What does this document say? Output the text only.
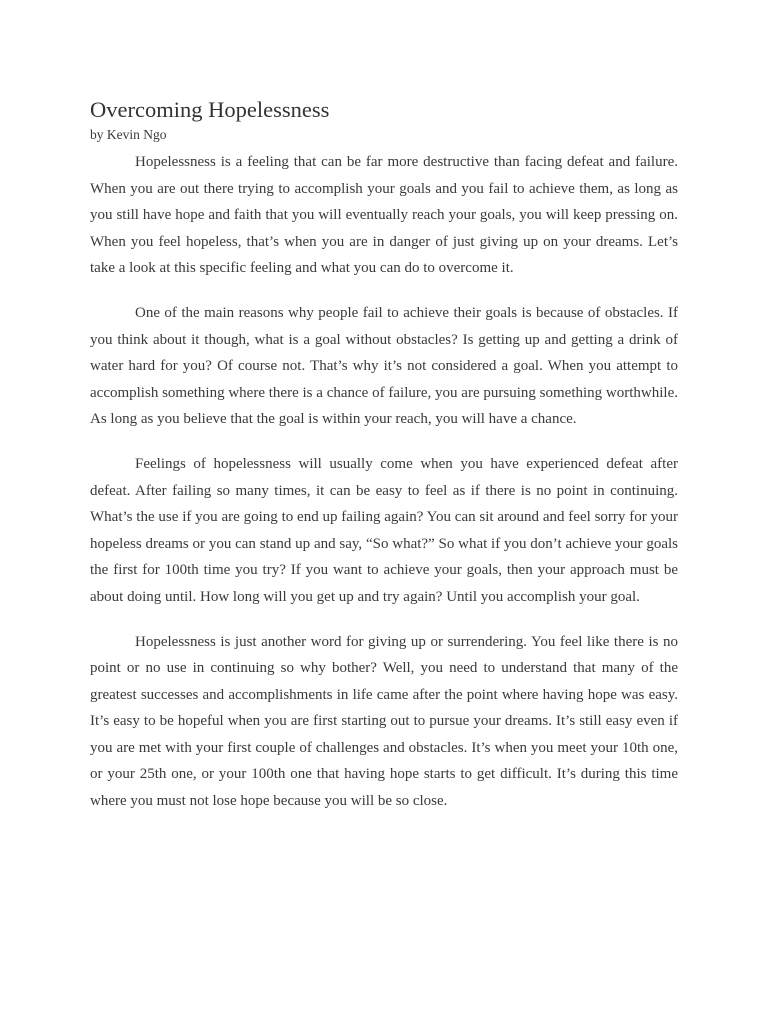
Overcoming Hopelessness
by Kevin Ngo

Hopelessness is a feeling that can be far more destructive than facing defeat and failure. When you are out there trying to accomplish your goals and you fail to achieve them, as long as you still have hope and faith that you will eventually reach your goals, you will keep pressing on. When you feel hopeless, that’s when you are in danger of just giving up on your dreams. Let’s take a look at this specific feeling and what you can do to overcome it.

One of the main reasons why people fail to achieve their goals is because of obstacles. If you think about it though, what is a goal without obstacles? Is getting up and getting a drink of water hard for you? Of course not. That’s why it’s not considered a goal. When you attempt to accomplish something where there is a chance of failure, you are pursuing something worthwhile. As long as you believe that the goal is within your reach, you will have a chance.

Feelings of hopelessness will usually come when you have experienced defeat after defeat. After failing so many times, it can be easy to feel as if there is no point in continuing. What’s the use if you are going to end up failing again? You can sit around and feel sorry for your hopeless dreams or you can stand up and say, “So what?” So what if you don’t achieve your goals the first for 100th time you try? If you want to achieve your goals, then your approach must be about doing until. How long will you get up and try again? Until you accomplish your goal.

Hopelessness is just another word for giving up or surrendering. You feel like there is no point or no use in continuing so why bother? Well, you need to understand that many of the greatest successes and accomplishments in life came after the point where having hope was easy. It’s easy to be hopeful when you are first starting out to pursue your dreams. It’s still easy even if you are met with your first couple of challenges and obstacles. It’s when you meet your 10th one, or your 25th one, or your 100th one that having hope starts to get difficult. It’s during this time where you must not lose hope because you will be so close.
